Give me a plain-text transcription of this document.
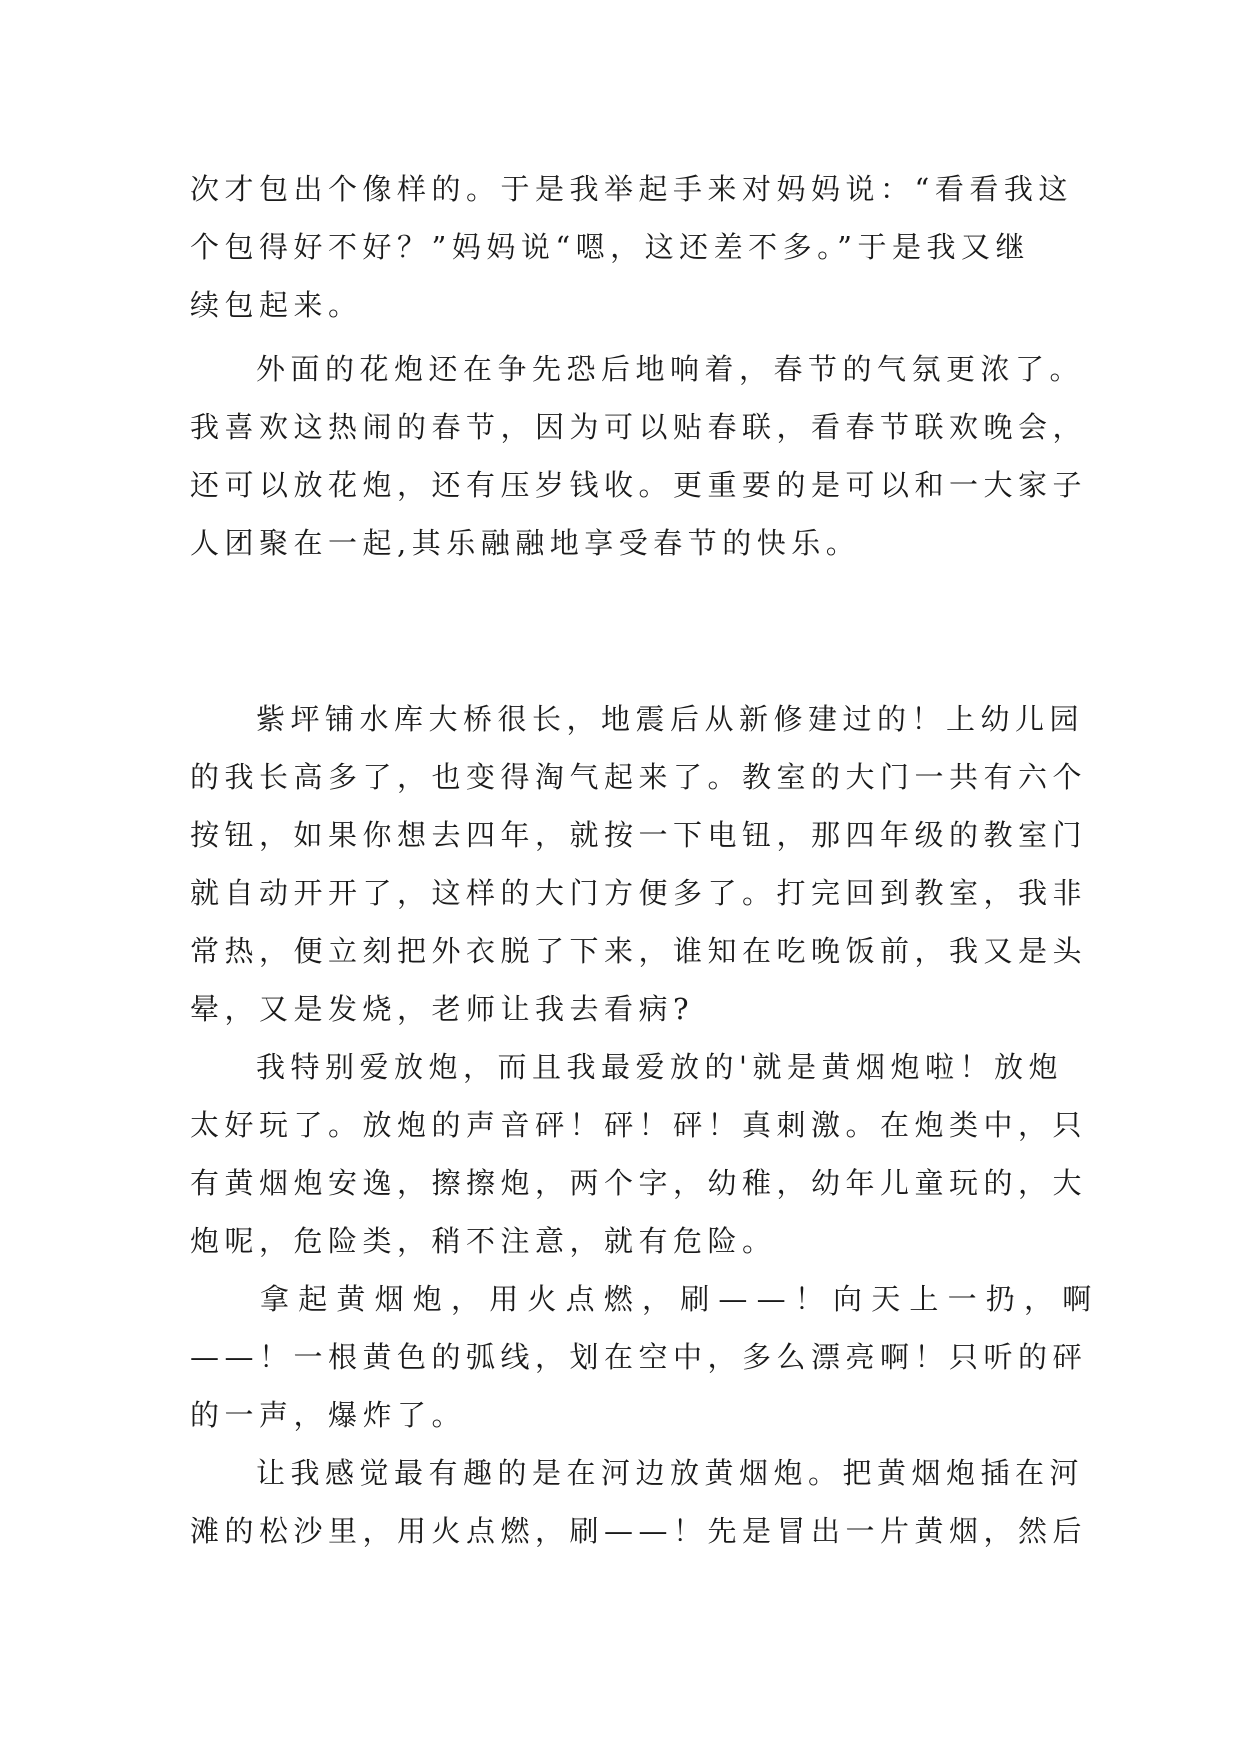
次才包出个像样的。于是我举起手来对妈妈说：“看看我这
个包得好不好？”妈妈说“嗯，这还差不多。”于是我又继
续包起来。
外面的花炮还在争先恐后地响着，春节的气氛更浓了。
我喜欢这热闹的春节，因为可以贴春联，看春节联欢晚会，
还可以放花炮，还有压岁钱收。更重要的是可以和一大家子
人团聚在一起,其乐融融地享受春节的快乐。
紫坪铺水库大桥很长，地震后从新修建过的！上幼儿园
的我长高多了，也变得淘气起来了。教室的大门一共有六个
按钮，如果你想去四年，就按一下电钮，那四年级的教室门
就自动开开了，这样的大门方便多了。打完回到教室，我非
常热，便立刻把外衣脱了下来，谁知在吃晚饭前，我又是头
晕，又是发烧，老师让我去看病?
我特别爱放炮，而且我最爱放的'就是黄烟炮啦！放炮
太好玩了。放炮的声音砰！砰！砰！真刺激。在炮类中，只
有黄烟炮安逸，擦擦炮，两个字，幼稚，幼年儿童玩的，大
炮呢，危险类，稍不注意，就有危险。
拿起黄烟炮，用火点燃，刷——！向天上一扔，啊
——！一根黄色的弧线，划在空中，多么漂亮啊！只听的砰
的一声，爆炸了。
让我感觉最有趣的是在河边放黄烟炮。把黄烟炮插在河
滩的松沙里，用火点燃，刷——！先是冒出一片黄烟，然后
